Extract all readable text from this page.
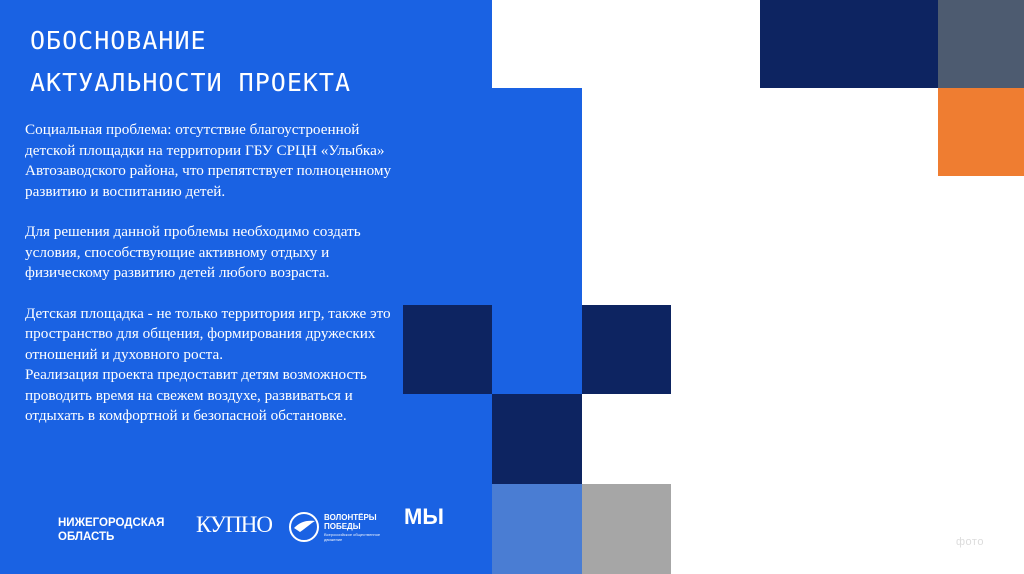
ОБОСНОВАНИЕ
АКТУАЛЬНОСТИ ПРОЕКТА

Социальная проблема: отсутствие благоустроенной детской площадки на территории ГБУ СРЦН «Улыбка» Автозаводского района, что препятствует полноценному развитию и воспитанию детей.

Для решения данной проблемы необходимо создать условия, способствующие активному отдыху и физическому развитию детей любого возраста.

Детская площадка - не только территория игр, также это пространство для общения, формирования дружеских отношений и духовного роста.

Реализация проекта предоставит детям возможность проводить время на свежем воздухе, развиваться и отдыхать в комфортной и безопасной обстановке.

НИЖЕГОРОДСКАЯ ОБЛАСТЬ	КУПНО	ВОЛОНТЁРЫ
ПОБЕДЫ
Всероссийское общественное движение
МЫ
фото
